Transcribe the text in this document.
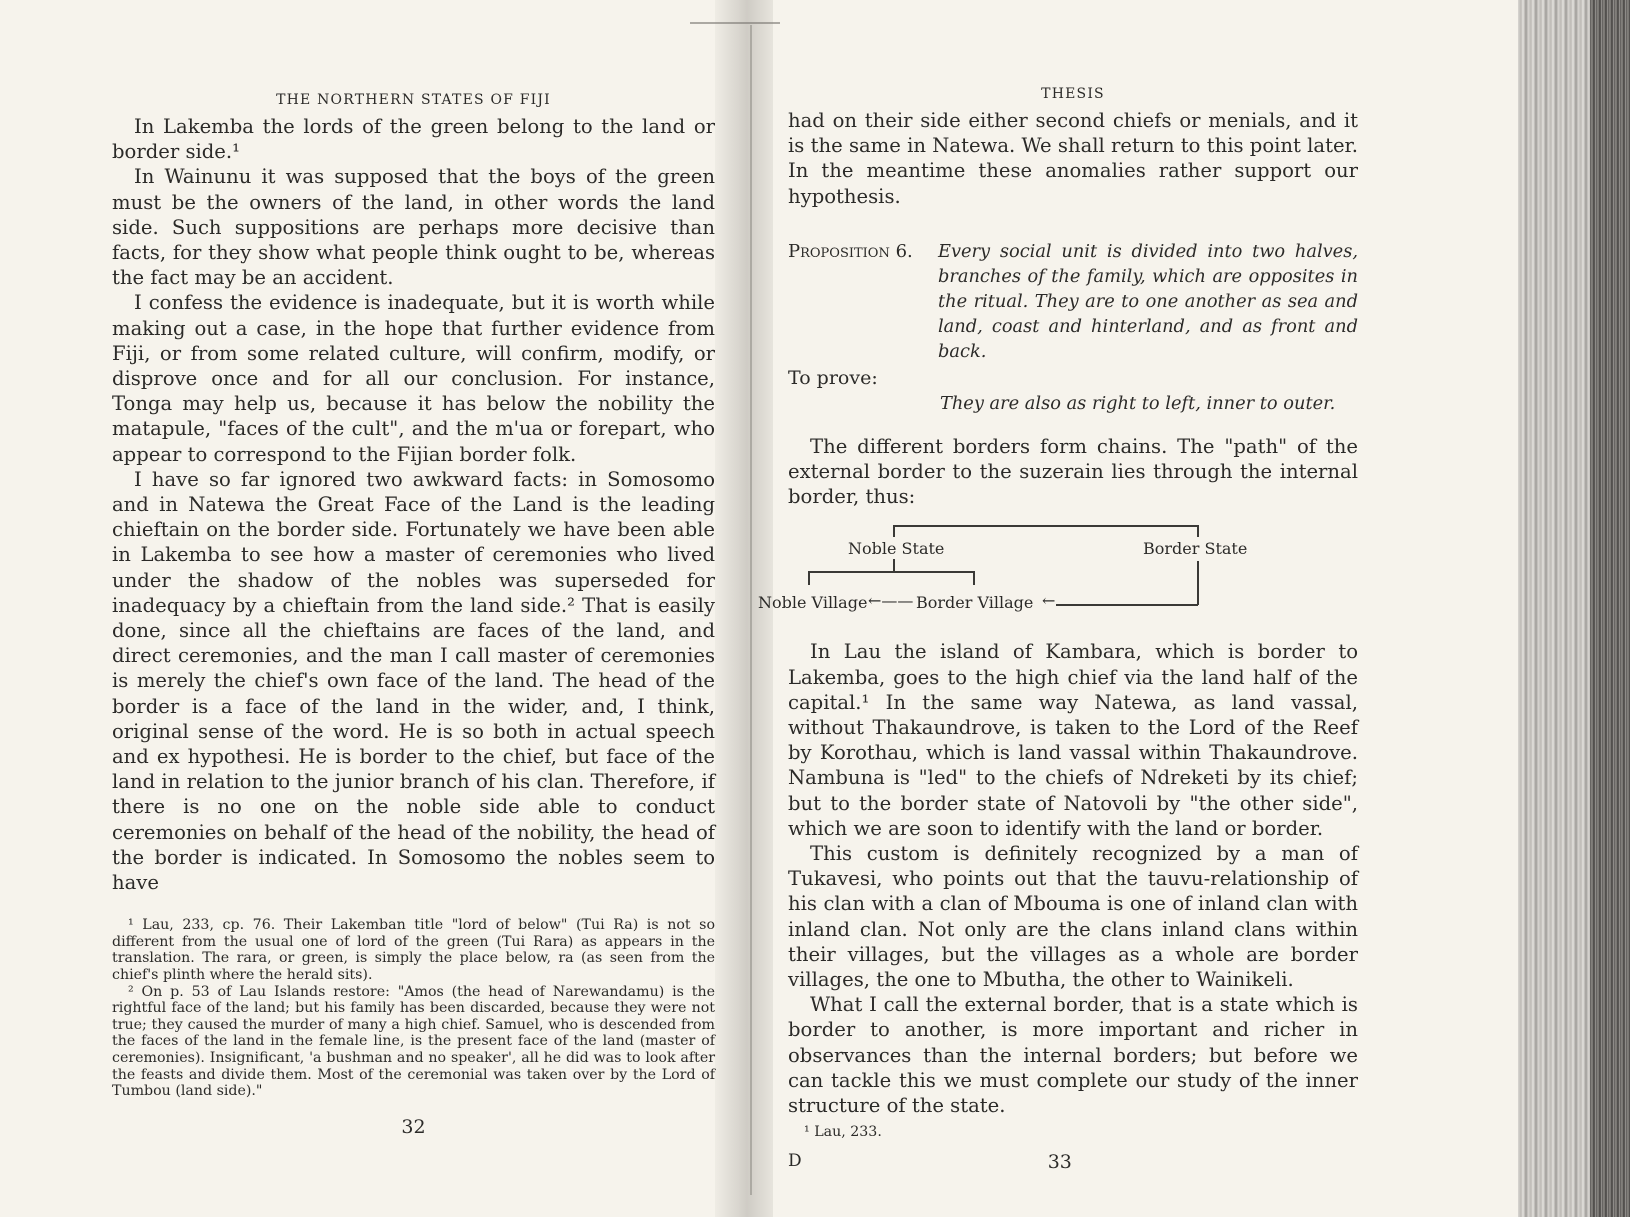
THE NORTHERN STATES OF FIJI

In Lakemba the lords of the green belong to the land or border side.¹

In Wainunu it was supposed that the boys of the green must be the owners of the land, in other words the land side. Such suppositions are perhaps more decisive than facts, for they show what people think ought to be, whereas the fact may be an accident.

I confess the evidence is inadequate, but it is worth while making out a case, in the hope that further evidence from Fiji, or from some related culture, will confirm, modify, or disprove once and for all our conclusion. For instance, Tonga may help us, because it has below the nobility the matapule, "faces of the cult", and the m'ua or forepart, who appear to correspond to the Fijian border folk.

I have so far ignored two awkward facts: in Somosomo and in Natewa the Great Face of the Land is the leading chieftain on the border side. Fortunately we have been able in Lakemba to see how a master of ceremonies who lived under the shadow of the nobles was superseded for inadequacy by a chieftain from the land side.² That is easily done, since all the chieftains are faces of the land, and direct ceremonies, and the man I call master of ceremonies is merely the chief's own face of the land. The head of the border is a face of the land in the wider, and, I think, original sense of the word. He is so both in actual speech and ex hypothesi. He is border to the chief, but face of the land in relation to the junior branch of his clan. Therefore, if there is no one on the noble side able to conduct ceremonies on behalf of the head of the nobility, the head of the border is indicated. In Somosomo the nobles seem to have

¹ Lau, 233, cp. 76. Their Lakemban title "lord of below" (Tui Ra) is not so different from the usual one of lord of the green (Tui Rara) as appears in the translation. The rara, or green, is simply the place below, ra (as seen from the chief's plinth where the herald sits).

² On p. 53 of Lau Islands restore: "Amos (the head of Narewandamu) is the rightful face of the land; but his family has been discarded, because they were not true; they caused the murder of many a high chief. Samuel, who is descended from the faces of the land in the female line, is the present face of the land (master of ceremonies). Insignificant, 'a bushman and no speaker', all he did was to look after the feasts and divide them. Most of the ceremonial was taken over by the Lord of Tumbou (land side)."

32
THESIS

had on their side either second chiefs or menials, and it is the same in Natewa. We shall return to this point later. In the meantime these anomalies rather support our hypothesis.

Proposition 6.	Every social unit is divided into two halves, branches of the family, which are opposites in the ritual. They are to one another as sea and land, coast and hinterland, and as front and back.
To prove:
They are also as right to left, inner to outer.

The different borders form chains. The "path" of the external border to the suzerain lies through the internal border, thus:

Noble State	Border State
Noble Village ←—— Border Village ←

In Lau the island of Kambara, which is border to Lakemba, goes to the high chief via the land half of the capital.¹ In the same way Natewa, as land vassal, without Thakaundrove, is taken to the Lord of the Reef by Korothau, which is land vassal within Thakaundrove. Nambuna is "led" to the chiefs of Ndreketi by its chief; but to the border state of Natovoli by "the other side", which we are soon to identify with the land or border.

This custom is definitely recognized by a man of Tukavesi, who points out that the tauvu-relationship of his clan with a clan of Mbouma is one of inland clan with inland clan. Not only are the clans inland clans within their villages, but the villages as a whole are border villages, the one to Mbutha, the other to Wainikeli.

What I call the external border, that is a state which is border to another, is more important and richer in observances than the internal borders; but before we can tackle this we must complete our study of the inner structure of the state.

¹ Lau, 233.

D	33
